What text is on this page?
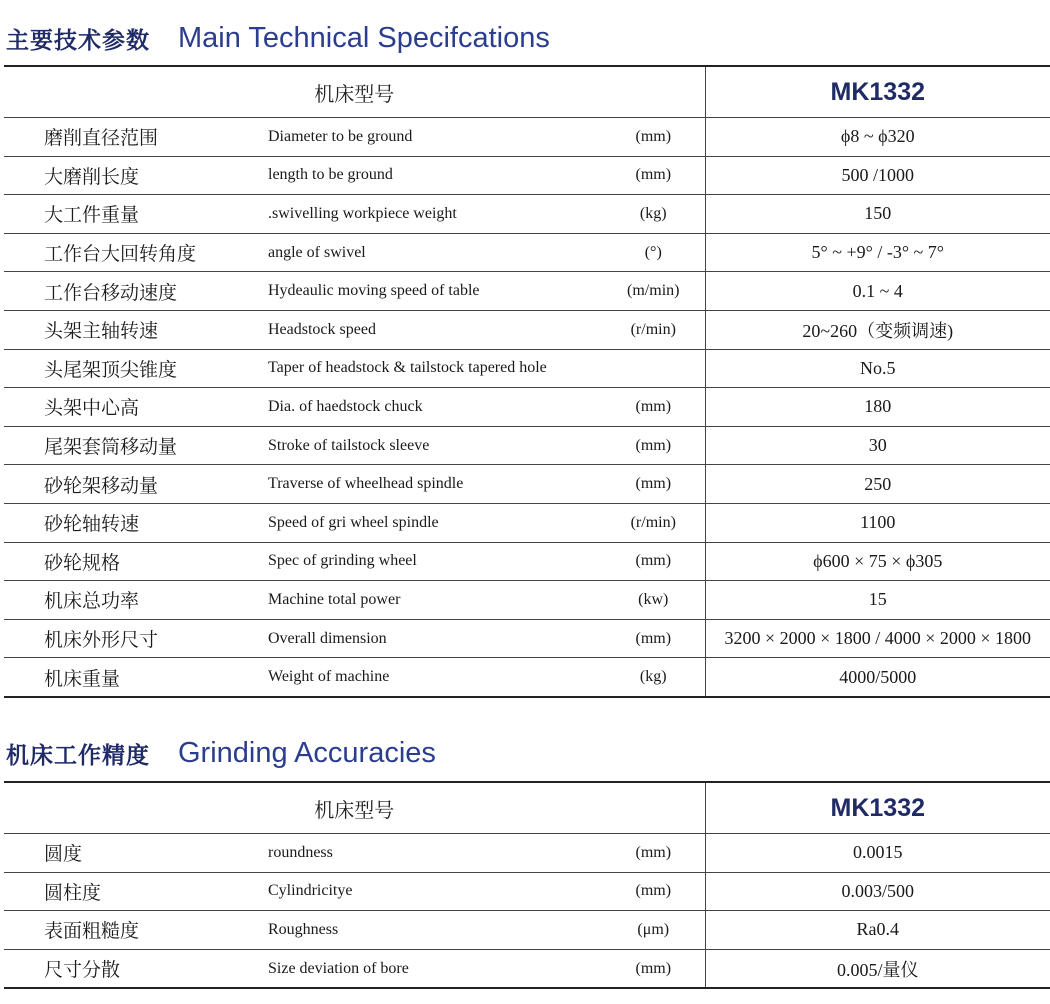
主要技术参数 Main Technical Specifcations
机床型号			MK1332
磨削直径范围	Diameter to be ground	(mm)	ϕ8 ~ ϕ320
大磨削长度	length to be ground	(mm)	500 /1000
大工件重量	.swivelling workpiece weight	(kg)	150
工作台大回转角度	angle of swivel	(°)	5° ~ +9° / -3° ~ 7°
工作台移动速度	Hydeaulic moving speed of table	(m/min)	0.1 ~ 4
头架主轴转速	Headstock speed	(r/min)	20~260（变频调速)
头尾架顶尖锥度	Taper of headstock & tailstock tapered hole		No.5
头架中心高	Dia. of haedstock chuck	(mm)	180
尾架套筒移动量	Stroke of tailstock sleeve	(mm)	30
砂轮架移动量	Traverse of wheelhead spindle	(mm)	250
砂轮轴转速	Speed of gri wheel spindle	(r/min)	1100
砂轮规格	Spec of grinding wheel	(mm)	ϕ600 × 75 × ϕ305
机床总功率	Machine total power	(kw)	15
机床外形尺寸	Overall dimension	(mm)	3200 × 2000 × 1800 / 4000 × 2000 × 1800
机床重量	Weight of machine	(kg)	4000/5000
机床工作精度 Grinding Accuracies
机床型号			MK1332
圆度	roundness	(mm)	0.0015
圆柱度	Cylindricitye	(mm)	0.003/500
表面粗糙度	Roughness	(μm)	Ra0.4
尺寸分散	Size deviation of bore	(mm)	0.005/量仪
